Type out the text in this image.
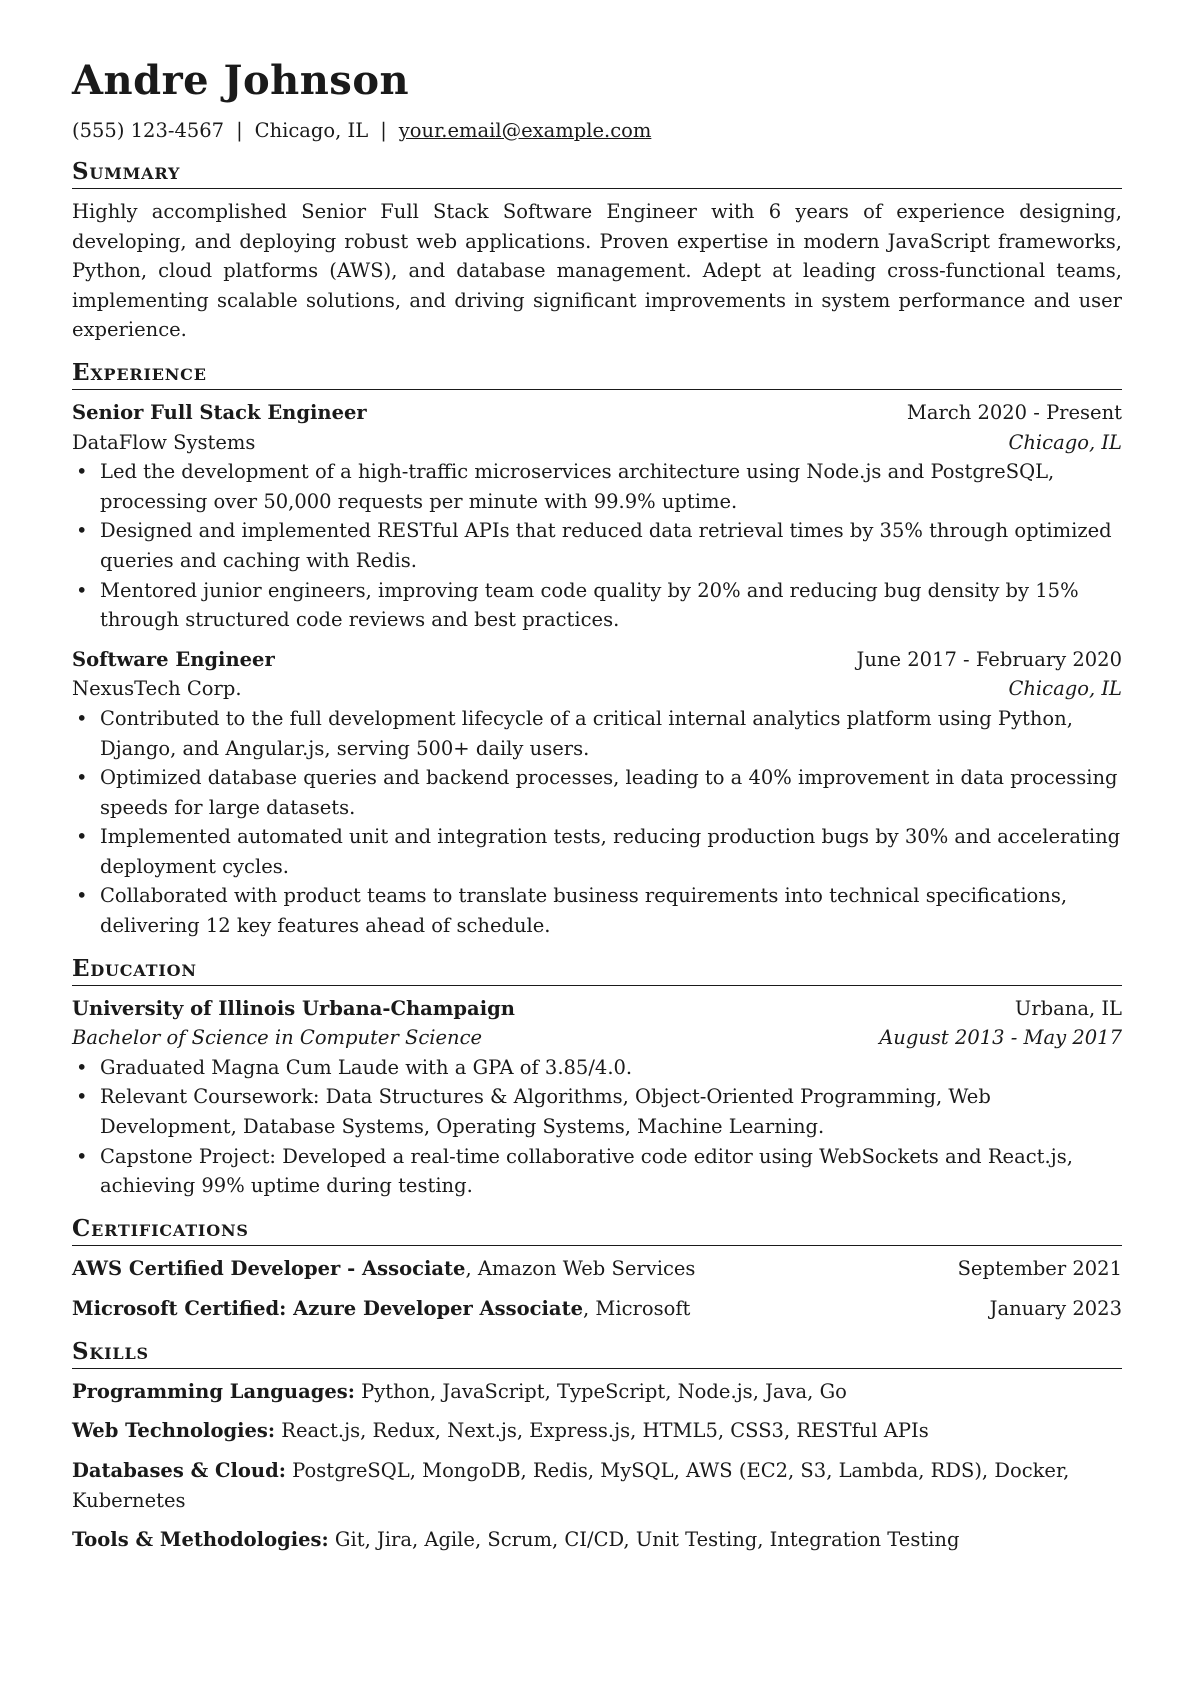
Andre Johnson
(555) 123-4567 | Chicago, IL | your.email@example.com
Summary

Highly accomplished Senior Full Stack Software Engineer with 6 years of experience designing, developing, and deploying robust web applications. Proven expertise in modern JavaScript frameworks, Python, cloud platforms (AWS), and database management. Adept at leading cross-functional teams, implementing scalable solutions, and driving significant improvements in system performance and user experience.

Experience
Senior Full Stack Engineer	March 2020 - Present
DataFlow Systems	Chicago, IL
• Led the development of a high-traffic microservices architecture using Node.js and PostgreSQL, processing over 50,000 requests per minute with 99.9% uptime.
• Designed and implemented RESTful APIs that reduced data retrieval times by 35% through optimized queries and caching with Redis.
• Mentored junior engineers, improving team code quality by 20% and reducing bug density by 15% through structured code reviews and best practices.
Software Engineer	June 2017 - February 2020
NexusTech Corp.	Chicago, IL
• Contributed to the full development lifecycle of a critical internal analytics platform using Python, Django, and Angular.js, serving 500+ daily users.
• Optimized database queries and backend processes, leading to a 40% improvement in data processing speeds for large datasets.
• Implemented automated unit and integration tests, reducing production bugs by 30% and accelerating deployment cycles.
• Collaborated with product teams to translate business requirements into technical specifications, delivering 12 key features ahead of schedule.
Education
University of Illinois Urbana-Champaign	Urbana, IL
Bachelor of Science in Computer Science	August 2013 - May 2017
• Graduated Magna Cum Laude with a GPA of 3.85/4.0.
• Relevant Coursework: Data Structures & Algorithms, Object-Oriented Programming, Web Development, Database Systems, Operating Systems, Machine Learning.
• Capstone Project: Developed a real-time collaborative code editor using WebSockets and React.js, achieving 99% uptime during testing.
Certifications
AWS Certified Developer - Associate, Amazon Web Services	September 2021
Microsoft Certified: Azure Developer Associate, Microsoft	January 2023
Skills
Programming Languages: Python, JavaScript, TypeScript, Node.js, Java, Go
Web Technologies: React.js, Redux, Next.js, Express.js, HTML5, CSS3, RESTful APIs
Databases & Cloud: PostgreSQL, MongoDB, Redis, MySQL, AWS (EC2, S3, Lambda, RDS), Docker, Kubernetes
Tools & Methodologies: Git, Jira, Agile, Scrum, CI/CD, Unit Testing, Integration Testing
